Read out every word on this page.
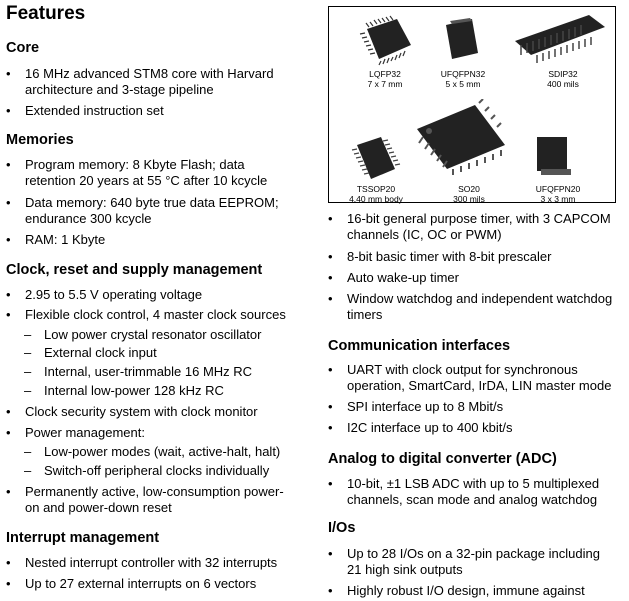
Features
Core
• 16 MHz advanced STM8 core with Harvard
architecture and 3-stage pipeline
• Extended instruction set
Memories
• Program memory: 8 Kbyte Flash; data
retention 20 years at 55 °C after 10 kcycle
• Data memory: 640 byte true data EEPROM;
endurance 300 kcycle
• RAM: 1 Kbyte
Clock, reset and supply management
• 2.95 to 5.5 V operating voltage
• Flexible clock control, 4 master clock sources
– Low power crystal resonator oscillator
– External clock input
– Internal, user-trimmable 16 MHz RC
– Internal low-power 128 kHz RC
• Clock security system with clock monitor
• Power management:
– Low-power modes (wait, active-halt, halt)
– Switch-off peripheral clocks individually
• Permanently active, low-consumption power-
on and power-down reset
Interrupt management
• Nested interrupt controller with 32 interrupts
• Up to 27 external interrupts on 6 vectors
LQFP32
7 x 7 mm
UFQFPN32
5 x 5 mm
SDIP32
400 mils
TSSOP20
4.40 mm body
SO20
300 mils
UFQFPN20
3 x 3 mm
• 16-bit general purpose timer, with 3 CAPCOM
channels (IC, OC or PWM)
• 8-bit basic timer with 8-bit prescaler
• Auto wake-up timer
• Window watchdog and independent watchdog
timers
Communication interfaces
• UART with clock output for synchronous
operation, SmartCard, IrDA, LIN master mode
• SPI interface up to 8 Mbit/s
• I2C interface up to 400 kbit/s
Analog to digital converter (ADC)
• 10-bit, ±1 LSB ADC with up to 5 multiplexed
channels, scan mode and analog watchdog
I/Os
• Up to 28 I/Os on a 32-pin package including
21 high sink outputs
• Highly robust I/O design, immune against
